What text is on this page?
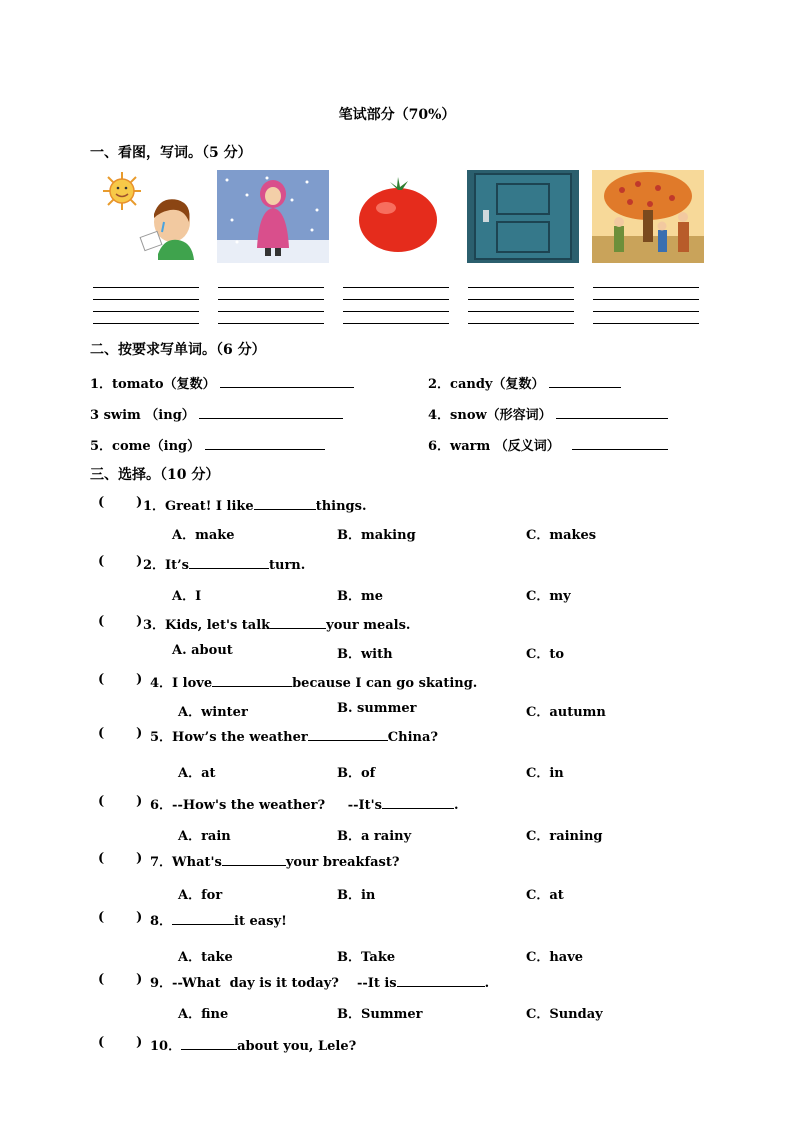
笔试部分（70%）
一、看图，写词。（5 分）
二、按要求写单词。（6 分）
1．tomato（复数）	2．candy（复数）
3 swim （ing）	4．snow（形容词）
5．come（ing）	6．warm （反义词）
三、选择。（10 分）
( ) 1．Great! I like	things.
A．make	B．making	C．makes
( ) 2．It’s	turn.
A．I	B．me	C．my
( ) 3．Kids, let's talk	your meals.
A. about	B．with	C．to
( ) 4．I love	because I can go skating.
A．winter	B. summer	C．autumn
( ) 5．How’s the weather	China?
A．at	B．of	C．in
( ) 6．--How's the weather?     --It's	.
A．rain	B．a rainy	C．raining
( ) 7．What's	your breakfast?
A．for	B．in	C．at
( ) 8．	it easy!
A．take	B．Take	C．have
( ) 9．--What  day is it today?    --It is	.
A．fine	B．Summer	C．Sunday
( ) 10．	about you, Lele?
